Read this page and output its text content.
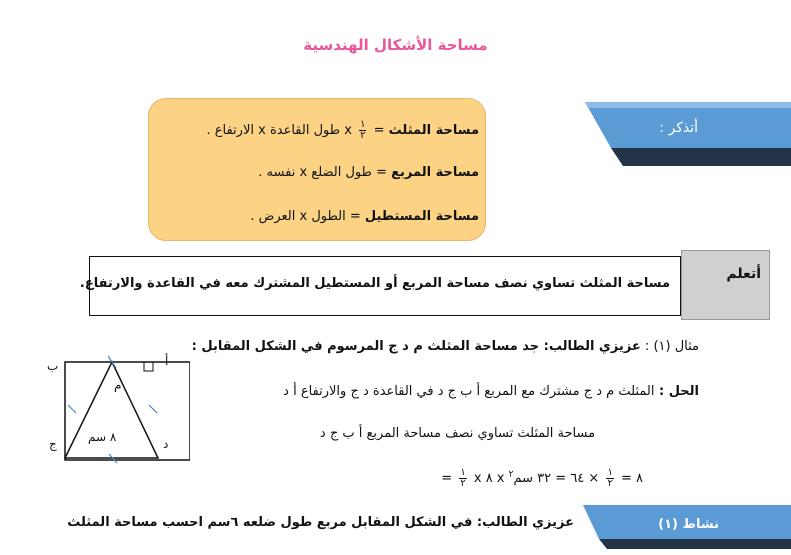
مساحة الأشكال الهندسية
أتذكر :
مساحة المثلث =
$\frac{١}{٢}$
x طول القاعدة x الارتفاع .
مساحة المربع = طول الضلع x نفسه .
مساحة المستطيل = الطول x العرض .
أتعلم
مساحة المثلث تساوي نصف مساحة المربع أو المستطيل المشترك معه في القاعدة والارتفاع.
مثال (١) : عزيزي الطالب: جد مساحة المثلث م د ج المرسوم في الشكل المقابل :
الحل : المثلث م د ج مشترك مع المربع أ ب ج د في القاعدة د ج والارتفاع أ د
مساحة المثلث تساوي نصف مساحة المربع أ ب ج د
= $\frac{١}{٢}$ x ٨ x ٨ =
$\frac{١}{٢}$
× ٦٤ = ٣٢ سم$^٢$
أ
ب
ج	د
م
٨ سم
نشاط (١)
عزيزي الطالب: في الشكل المقابل مربع طول ضلعه ٦سم احسب مساحة المثلث
